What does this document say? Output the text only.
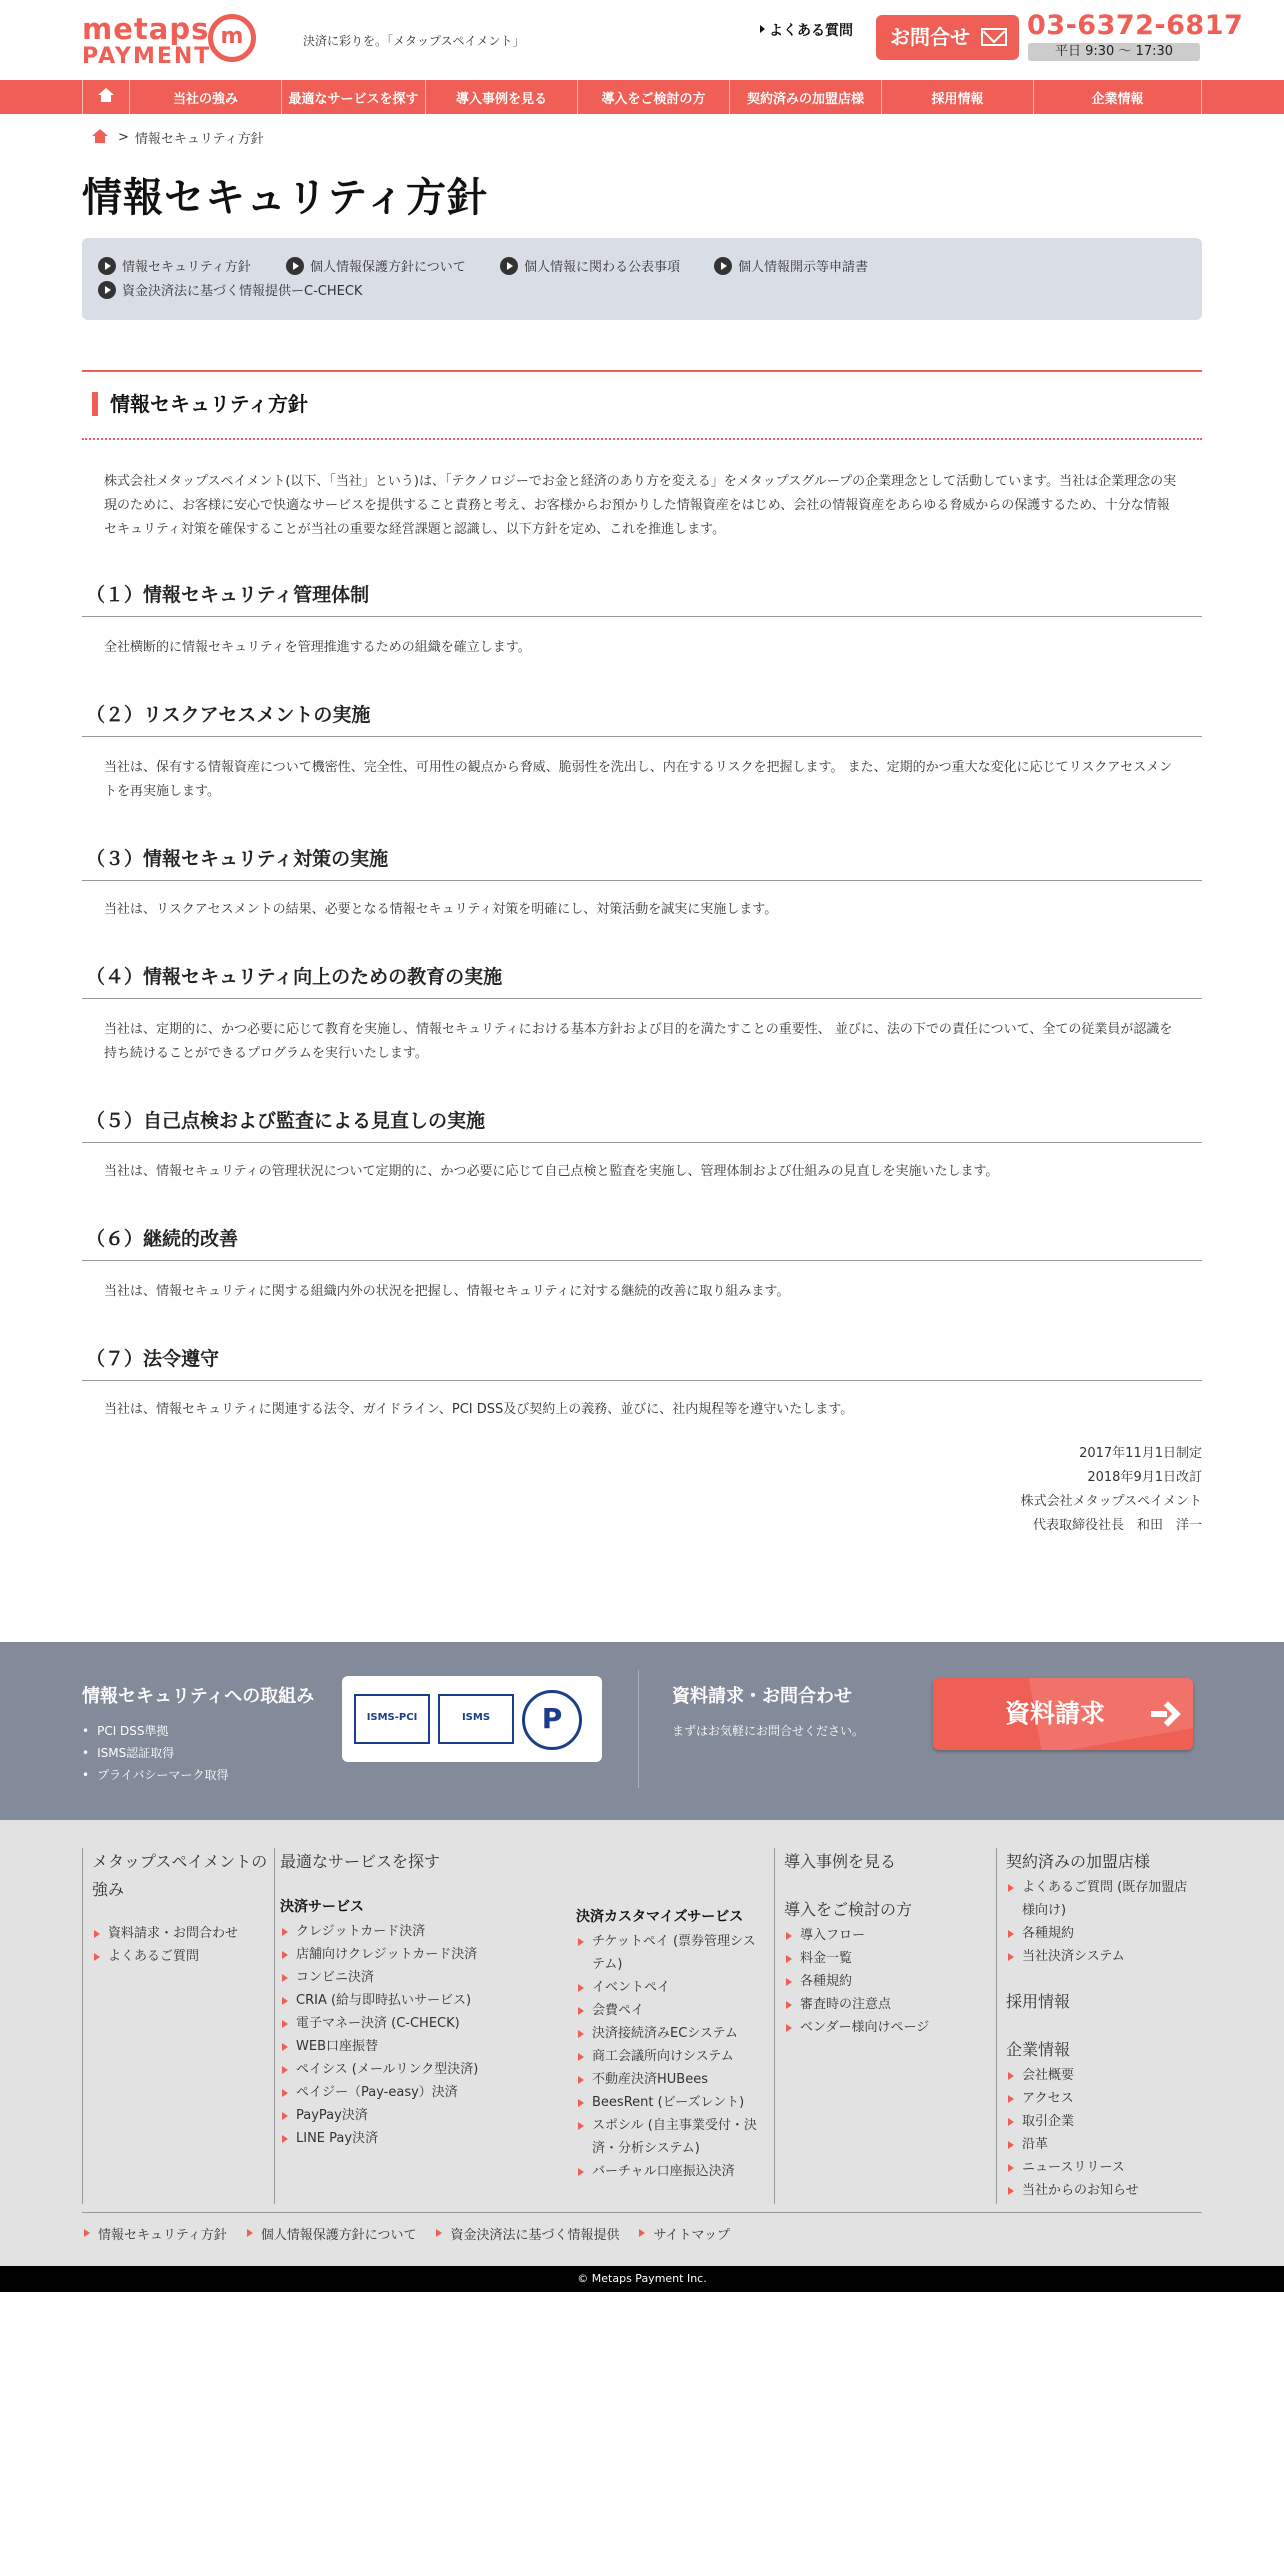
metaps
PAYMENT
m	決済に彩りを。「メタップスペイメント」
よくある質問	お問合せ	03-6372-6817
平日 9:30 〜 17:30
当社の強み	最適なサービスを探す	導入事例を見る	導入をご検討の方	契約済みの加盟店様	採用情報	企業情報
> 情報セキュリティ方針
情報セキュリティ方針
情報セキュリティ方針	個人情報保護方針について	個人情報に関わる公表事項	個人情報開示等申請書
資金決済法に基づく情報提供ーC-CHECK
情報セキュリティ方針

株式会社メタップスペイメント(以下、「当社」という)は、「テクノロジーでお金と経済のあり方を変える」をメタップスグループの企業理念として活動しています。当社は企業理念の実現のために、お客様に安心で快適なサービスを提供すること責務と考え、お客様からお預かりした情報資産をはじめ、会社の情報資産をあらゆる脅威からの保護するため、十分な情報セキュリティ対策を確保することが当社の重要な経営課題と認識し、以下方針を定め、これを推進します。

（１）情報セキュリティ管理体制

全社横断的に情報セキュリティを管理推進するための組織を確立します。

（２）リスクアセスメントの実施

当社は、保有する情報資産について機密性、完全性、可用性の観点から脅威、脆弱性を洗出し、内在するリスクを把握します。 また、定期的かつ重大な変化に応じてリスクアセスメントを再実施します。

（３）情報セキュリティ対策の実施

当社は、リスクアセスメントの結果、必要となる情報セキュリティ対策を明確にし、対策活動を誠実に実施します。

（４）情報セキュリティ向上のための教育の実施

当社は、定期的に、かつ必要に応じて教育を実施し、情報セキュリティにおける基本方針および目的を満たすことの重要性、 並びに、法の下での責任について、全ての従業員が認識を持ち続けることができるプログラムを実行いたします。

（５）自己点検および監査による見直しの実施

当社は、情報セキュリティの管理状況について定期的に、かつ必要に応じて自己点検と監査を実施し、管理体制および仕組みの見直しを実施いたします。

（６）継続的改善

当社は、情報セキュリティに関する組織内外の状況を把握し、情報セキュリティに対する継続的改善に取り組みます。

（７）法令遵守

当社は、情報セキュリティに関連する法令、ガイドライン、PCI DSS及び契約上の義務、並びに、社内規程等を遵守いたします。

2017年11月1日制定
2018年9月1日改訂
株式会社メタップスペイメント
代表取締役社長　和田　洋一
情報セキュリティへの取組み
• PCI DSS準拠
• ISMS認証取得
• プライバシーマーク取得
ISMS-PCI	ISMS	P
資料請求・お問合わせ
まずはお気軽にお問合せください。
資料請求
メタップスペイメントの強み
資料請求・お問合わせ
よくあるご質問
最適なサービスを探す
決済サービス
クレジットカード決済
店舗向けクレジットカード決済
コンビニ決済
CRIA (給与即時払いサービス)
電子マネー決済 (C-CHECK)
WEB口座振替
ペイシス (メールリンク型決済)
ペイジー（Pay-easy）決済
PayPay決済
LINE Pay決済
決済カスタマイズサービス
チケットペイ (票券管理システム)
イベントペイ
会費ペイ
決済接続済みECシステム
商工会議所向けシステム
不動産決済HUBees
BeesRent (ビーズレント)
スポシル (自主事業受付・決済・分析システム)
バーチャル口座振込決済
導入事例を見る
導入をご検討の方
導入フロー
料金一覧
各種規約
審査時の注意点
ベンダー様向けページ
契約済みの加盟店様
よくあるご質問 (既存加盟店様向け)
各種規約
当社決済システム
採用情報
企業情報
会社概要
アクセス
取引企業
沿革
ニュースリリース
当社からのお知らせ
情報セキュリティ方針	個人情報保護方針について	資金決済法に基づく情報提供	サイトマップ
© Metaps Payment Inc.
